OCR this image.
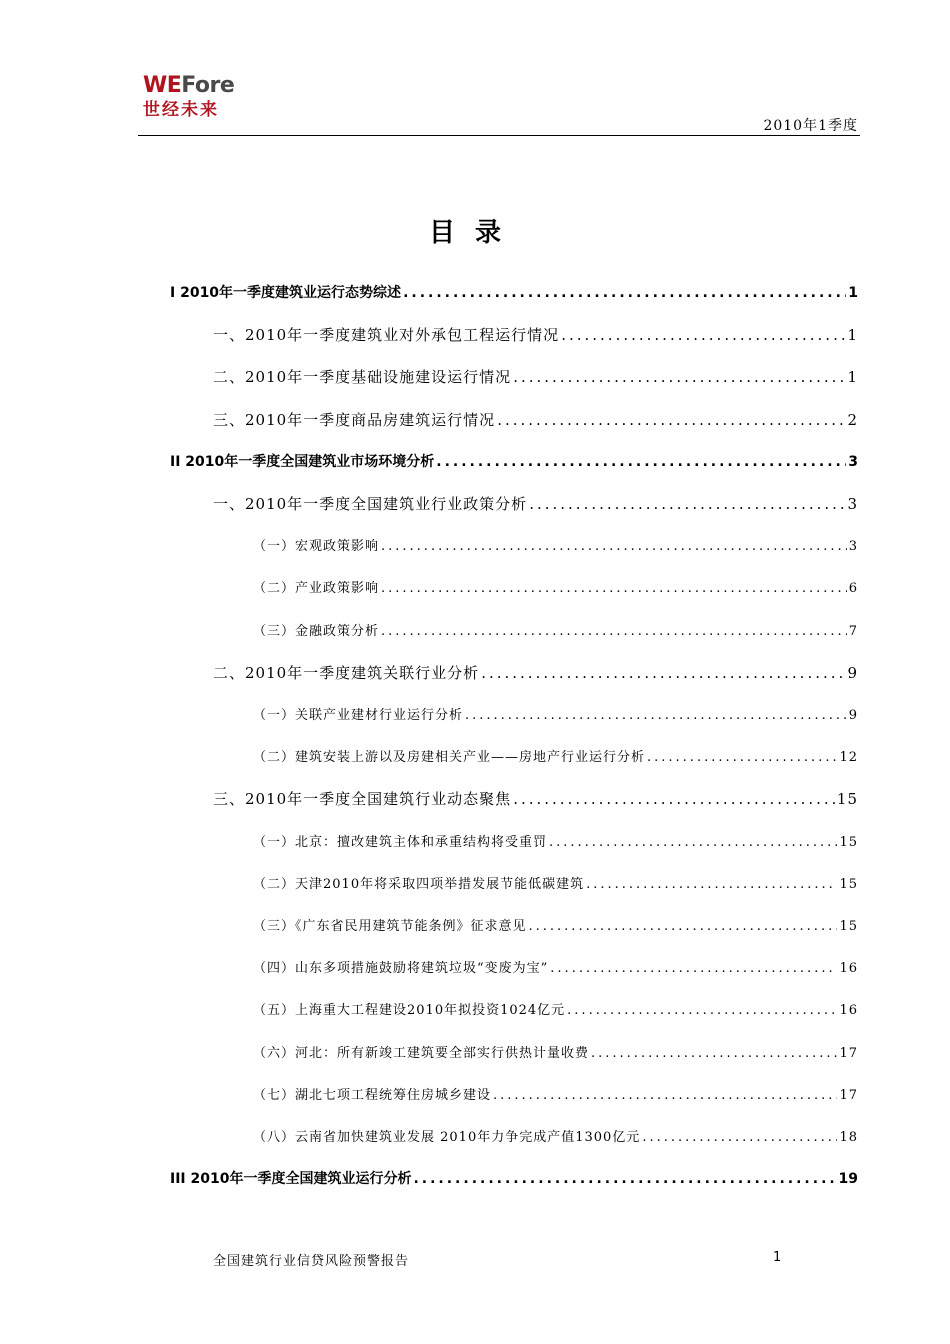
WEFore
世经未来
2010年1季度
目录
I 2010年一季度建筑业运行态势综述 .....	1
一、2010年一季度建筑业对外承包工程运行情况 .....	1
二、2010年一季度基础设施建设运行情况 .....	1
三、2010年一季度商品房建筑运行情况 .....	2
II 2010年一季度全国建筑业市场环境分析 .....	3
一、2010年一季度全国建筑业行业政策分析 .....	3
（一）宏观政策影响 .....	3
（二）产业政策影响 .....	6
（三）金融政策分析 .....	7
二、2010年一季度建筑关联行业分析 .....	9
（一）关联产业建材行业运行分析 .....	9
（二）建筑安装上游以及房建相关产业——房地产行业运行分析 .....	12
三、2010年一季度全国建筑行业动态聚焦 .....	15
（一）北京：擅改建筑主体和承重结构将受重罚 .....	15
（二）天津2010年将采取四项举措发展节能低碳建筑 .....	15
（三）《广东省民用建筑节能条例》征求意见 .....	15
（四）山东多项措施鼓励将建筑垃圾“变废为宝” .....	16
（五）上海重大工程建设2010年拟投资1024亿元 .....	16
（六）河北：所有新竣工建筑要全部实行供热计量收费 .....	17
（七）湖北七项工程统筹住房城乡建设 .....	17
（八）云南省加快建筑业发展 2010年力争完成产值1300亿元 .....	18
III 2010年一季度全国建筑业运行分析 .....	19
全国建筑行业信贷风险预警报告	1
